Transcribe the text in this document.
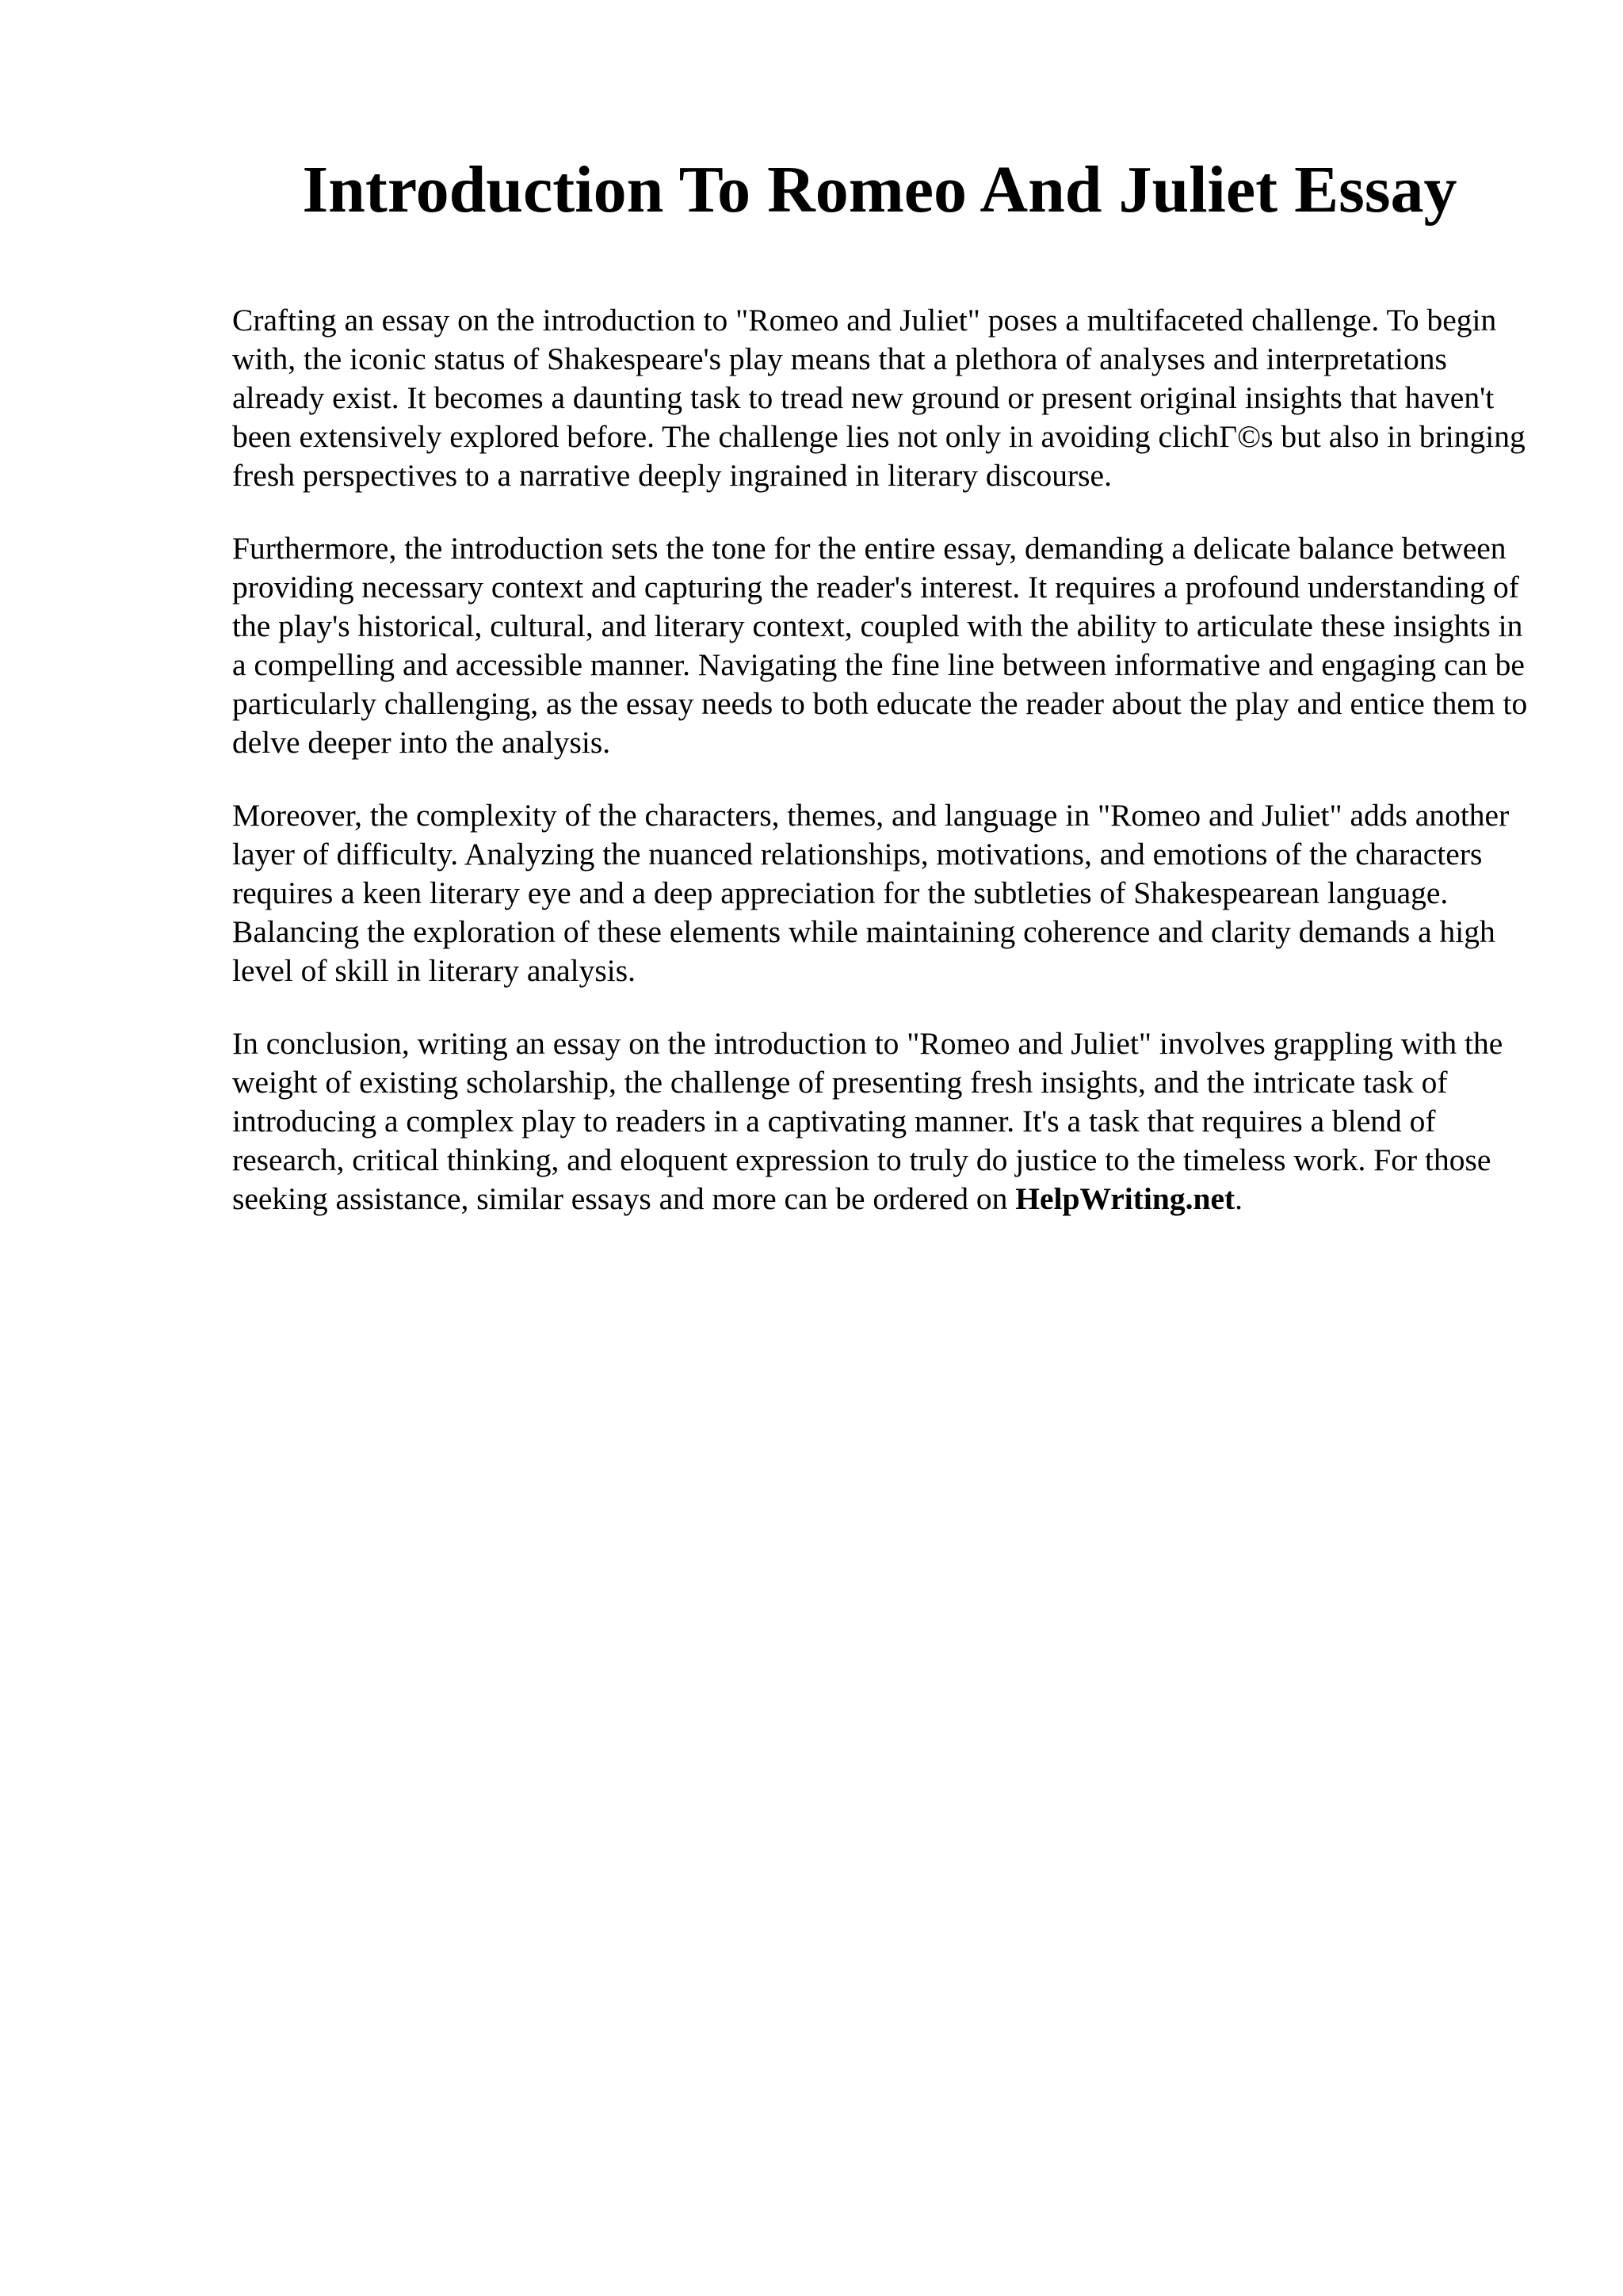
Introduction To Romeo And Juliet Essay

Crafting an essay on the introduction to "Romeo and Juliet" poses a multifaceted challenge. To begin with, the iconic status of Shakespeare's play means that a plethora of analyses and interpretations already exist. It becomes a daunting task to tread new ground or present original insights that haven't been extensively explored before. The challenge lies not only in avoiding clichΓ©s but also in bringing fresh perspectives to a narrative deeply ingrained in literary discourse.

Furthermore, the introduction sets the tone for the entire essay, demanding a delicate balance between providing necessary context and capturing the reader's interest. It requires a profound understanding of the play's historical, cultural, and literary context, coupled with the ability to articulate these insights in a compelling and accessible manner. Navigating the fine line between informative and engaging can be particularly challenging, as the essay needs to both educate the reader about the play and entice them to delve deeper into the analysis.

Moreover, the complexity of the characters, themes, and language in "Romeo and Juliet" adds another layer of difficulty. Analyzing the nuanced relationships, motivations, and emotions of the characters requires a keen literary eye and a deep appreciation for the subtleties of Shakespearean language. Balancing the exploration of these elements while maintaining coherence and clarity demands a high level of skill in literary analysis.

In conclusion, writing an essay on the introduction to "Romeo and Juliet" involves grappling with the weight of existing scholarship, the challenge of presenting fresh insights, and the intricate task of introducing a complex play to readers in a captivating manner. It's a task that requires a blend of research, critical thinking, and eloquent expression to truly do justice to the timeless work. For those seeking assistance, similar essays and more can be ordered on HelpWriting.net.
